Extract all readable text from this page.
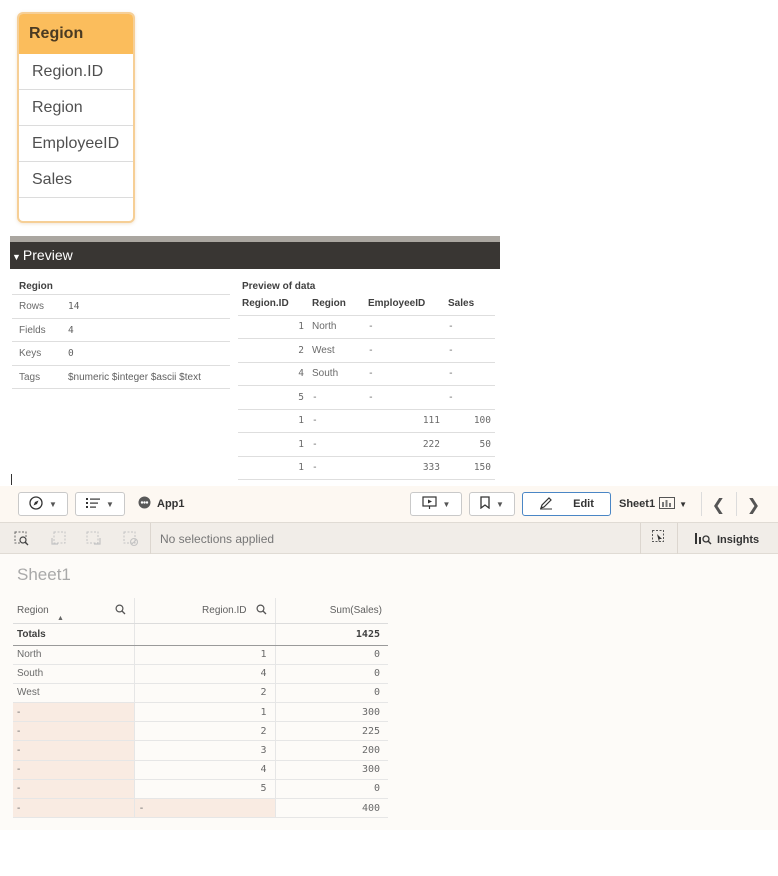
Region
Region.ID
Region
EmployeeID
Sales
▼ Preview
Region
Rows	14
Fields 4
Keys	0
Tags	$numeric $integer $ascii $text
Preview of data
Region.ID	Region	EmployeeID	Sales
1	North	-	-
2	West	-	-
4	South	-	-
5	-	-	-
1	-	111	100
1	-	222	50
1	-	333	150
▼	▼	App1	▼	▼	Edit Sheet1	▼ ❮ ❯
No selections applied	Insights
Sheet1
Region
▲	Region.ID	Sum(Sales)
Totals		1425
North	1	0
South	4	0
West	2	0
-	1	300
-	2	225
-	3	200
-	4	300
-	5	0
-	-	400
